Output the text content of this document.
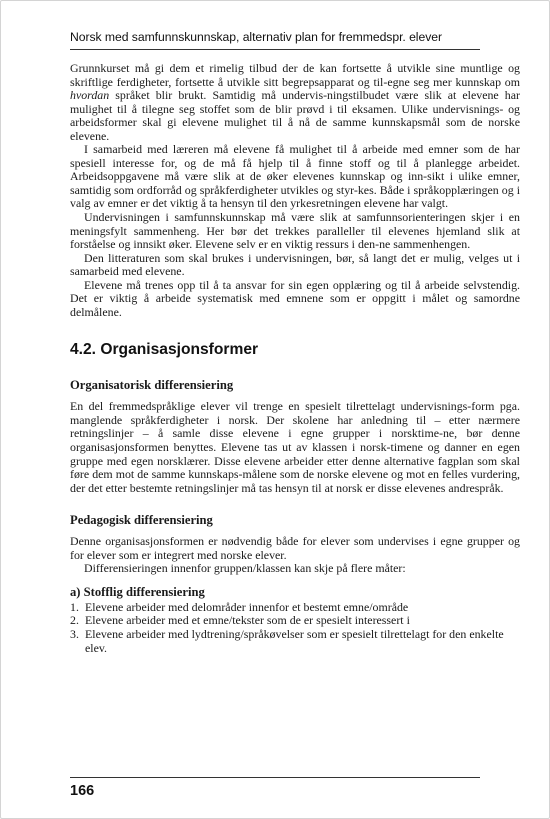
Norsk med samfunnskunnskap, alternativ plan for fremmedspr. elever

Grunnkurset må gi dem et rimelig tilbud der de kan fortsette å utvikle sine muntlige og skriftlige ferdigheter, fortsette å utvikle sitt begrepsapparat og til-egne seg mer kunnskap om hvordan språket blir brukt. Samtidig må undervis-ningstilbudet være slik at elevene har mulighet til å tilegne seg stoffet som de blir prøvd i til eksamen. Ulike undervisnings- og arbeidsformer skal gi elevene mulighet til å nå de samme kunnskapsmål som de norske elevene.

I samarbeid med læreren må elevene få mulighet til å arbeide med emner som de har spesiell interesse for, og de må få hjelp til å finne stoff og til å planlegge arbeidet. Arbeidsoppgavene må være slik at de øker elevenes kunnskap og inn-sikt i ulike emner, samtidig som ordforråd og språkferdigheter utvikles og styr-kes. Både i språkopplæringen og i valg av emner er det viktig å ta hensyn til den yrkesretningen elevene har valgt.

Undervisningen i samfunnskunnskap må være slik at samfunnsorienteringen skjer i en meningsfylt sammenheng. Her bør det trekkes paralleller til elevenes hjemland slik at forståelse og innsikt øker. Elevene selv er en viktig ressurs i den-ne sammenhengen.

Den litteraturen som skal brukes i undervisningen, bør, så langt det er mulig, velges ut i samarbeid med elevene.

Elevene må trenes opp til å ta ansvar for sin egen opplæring og til å arbeide selvstendig. Det er viktig å arbeide systematisk med emnene som er oppgitt i målet og samordne delmålene.

4.2. Organisasjonsformer
Organisatorisk differensiering

En del fremmedspråklige elever vil trenge en spesielt tilrettelagt undervisnings-form pga. manglende språkferdigheter i norsk. Der skolene har anledning til – etter nærmere retningslinjer – å samle disse elevene i egne grupper i norsktime-ne, bør denne organisasjonsformen benyttes. Elevene tas ut av klassen i norsk-timene og danner en egen gruppe med egen norsklærer. Disse elevene arbeider etter denne alternative fagplan som skal føre dem mot de samme kunnskaps-målene som de norske elevene og mot en felles vurdering, der det etter bestemte retningslinjer må tas hensyn til at norsk er disse elevenes andrespråk.

Pedagogisk differensiering

Denne organisasjonsformen er nødvendig både for elever som undervises i egne grupper og for elever som er integrert med norske elever.

Differensieringen innenfor gruppen/klassen kan skje på flere måter:

a) Stofflig differensiering
1. Elevene arbeider med delområder innenfor et bestemt emne/område
2. Elevene arbeider med et emne/tekster som de er spesielt interessert i
3. Elevene arbeider med lydtrening/språkøvelser som er spesielt tilrettelagt for den enkelte elev.
166
